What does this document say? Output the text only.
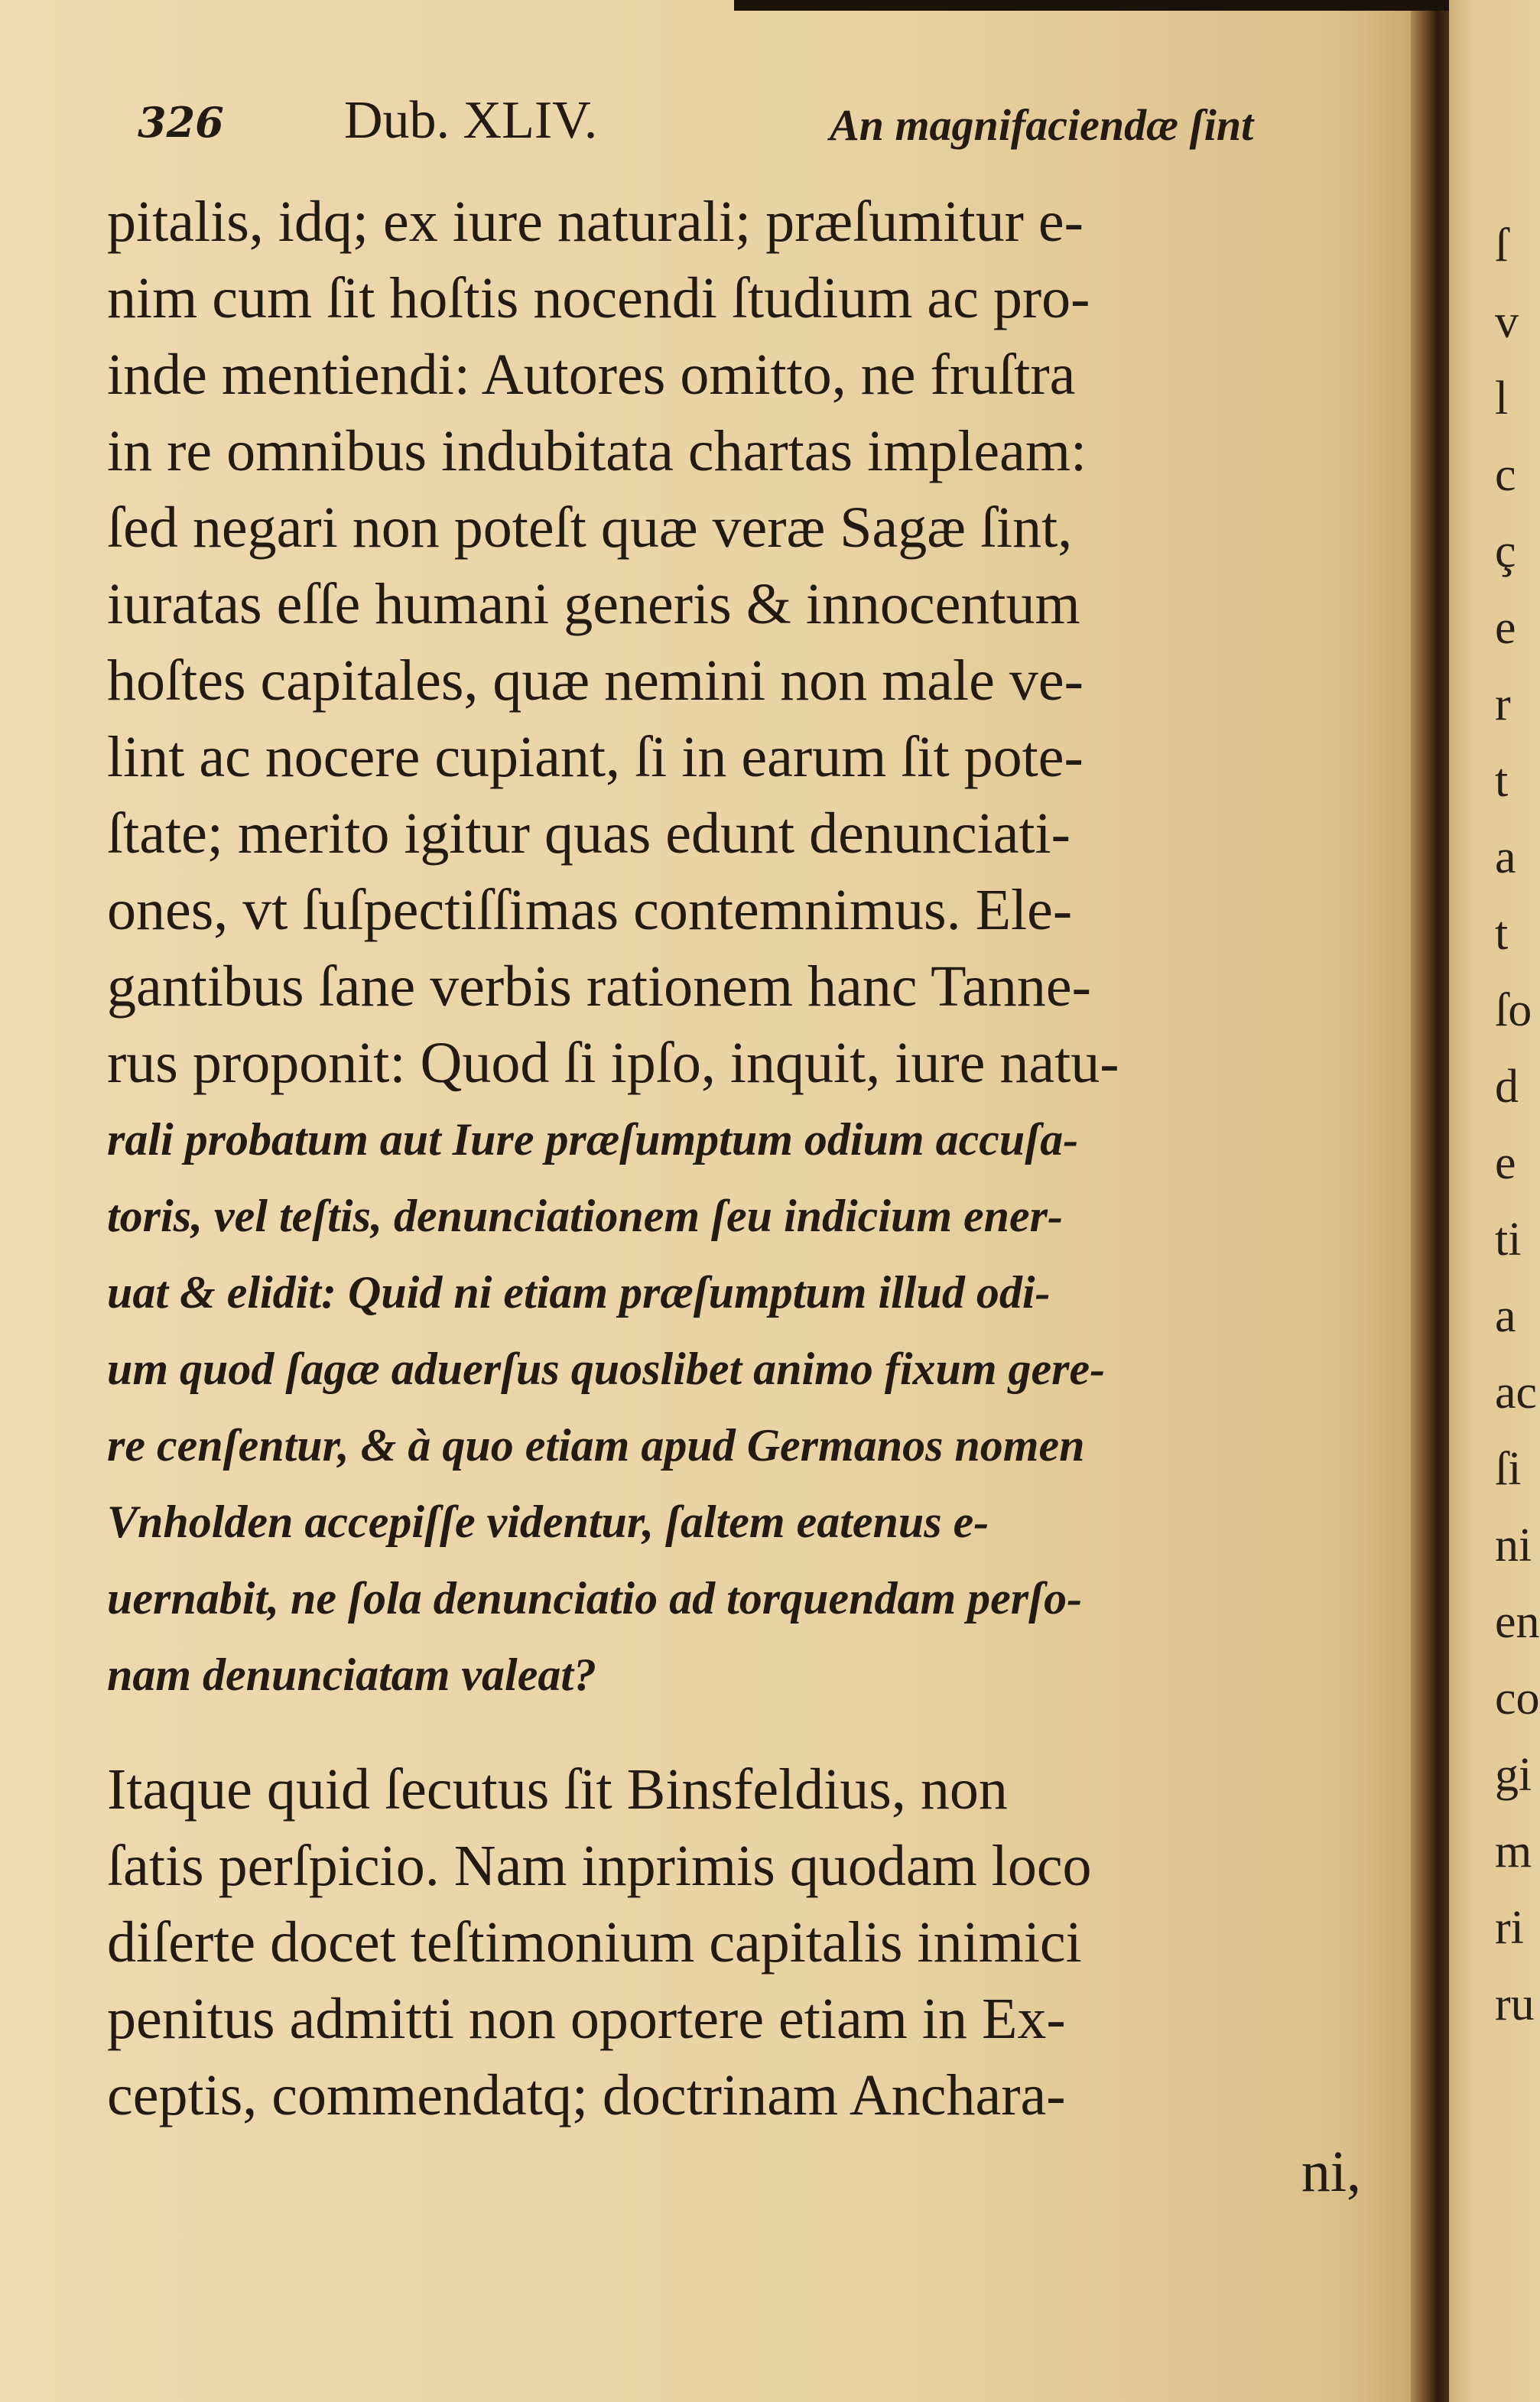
326 Dub. XLIV.	An magnifaciendæ ſint

pitalis, idq; ex iure naturali; præſumitur e-

nim cum ſit hoſtis nocendi ſtudium ac pro-

inde mentiendi: Autores omitto, ne fruſtra

in re omnibus indubitata chartas impleam:

ſed negari non poteſt quæ veræ Sagæ ſint,

iuratas eſſe humani generis & innocentum

hoſtes capitales, quæ nemini non male ve-

lint ac nocere cupiant, ſi in earum ſit pote-

ſtate; merito igitur quas edunt denunciati-

ones, vt ſuſpectiſſimas contemnimus. Ele-

gantibus ſane verbis rationem hanc Tanne-

rus proponit: Quod ſi ipſo, inquit, iure natu-

rali probatum aut Iure præſumptum odium accuſa-

toris, vel teſtis, denunciationem ſeu indicium ener-

uat & elidit: Quid ni etiam præſumptum illud odi-

um quod ſagæ aduerſus quoslibet animo fixum gere-

re cenſentur, & à quo etiam apud Germanos nomen

Vnholden accepiſſe videntur, ſaltem eatenus e-

uernabit, ne ſola denunciatio ad torquendam perſo-

nam denunciatam valeat?

Itaque quid ſecutus ſit Binsfeldius, non

ſatis perſpicio. Nam inprimis quodam loco

diſerte docet teſtimonium capitalis inimici

penitus admitti non oportere etiam in Ex-

ceptis, commendatq; doctrinam Anchara-

ni,

ſ

v

l

c

ç

e

r

t

a

t

ſo

d

e

ti

a

ac

ſi

ni

en

co

gi

m

ri

ru
